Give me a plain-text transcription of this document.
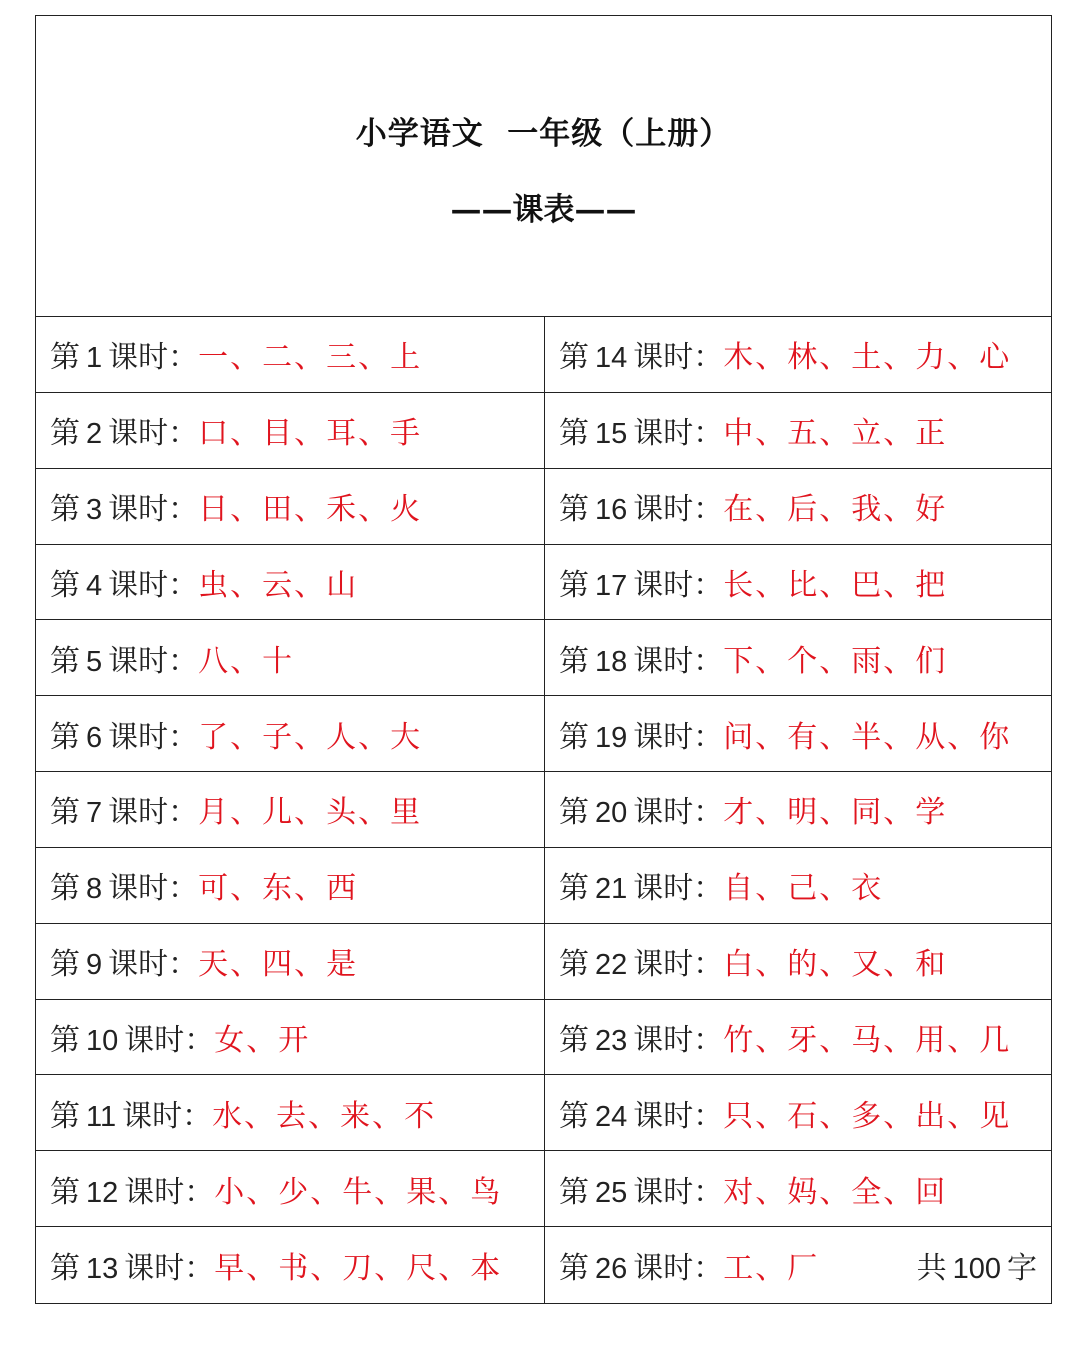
小学语文  一年级（上册）
——课表——
第  1  课时： 一、二、三、上	第  14  课时： 木、林、土、力、心
第  2  课时： 口、目、耳、手	第  15  课时： 中、五、立、正
第  3  课时： 日、田、禾、火	第  16  课时： 在、后、我、好
第  4  课时： 虫、云、山	第  17  课时： 长、比、巴、把
第  5  课时： 八、十	第  18  课时： 下、个、雨、们
第  6  课时： 了、子、人、大	第  19  课时： 问、有、半、从、你
第  7  课时： 月、儿、头、里	第  20  课时： 才、明、同、学
第  8  课时： 可、东、西	第  21  课时： 自、己、衣
第  9  课时： 天、四、是	第  22  课时： 白、的、又、和
第  10  课时： 女、开	第  23  课时： 竹、牙、马、用、几
第  11  课时： 水、去、来、不	第  24  课时： 只、石、多、出、见
第  12  课时： 小、少、牛、果、鸟 第  25  课时： 对、妈、全、回
第  13  课时： 早、书、刀、尺、本 第  26  课时： 工、厂	共  100  字
